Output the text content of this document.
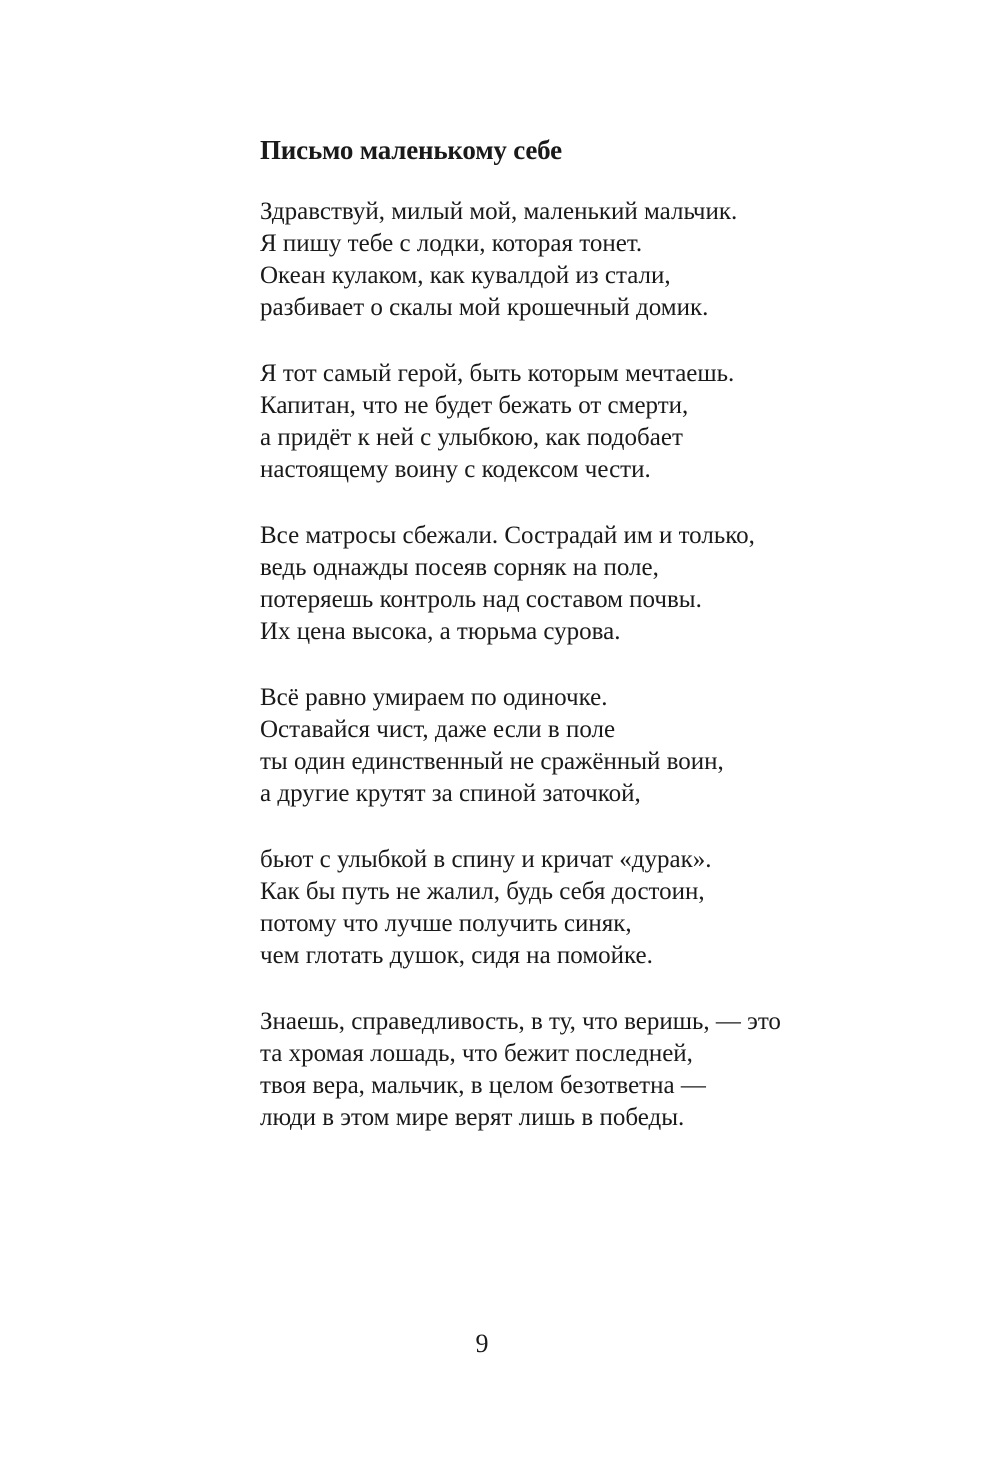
Письмо маленькому себе
Здравствуй, милый мой, маленький мальчик.
Я пишу тебе с лодки, которая тонет.
Океан кулаком, как кувалдой из стали,
разбивает о скалы мой крошечный домик.
Я тот самый герой, быть которым мечтаешь.
Капитан, что не будет бежать от смерти,
а придёт к ней с улыбкою, как подобает
настоящему воину с кодексом чести.
Все матросы сбежали. Сострадай им и только,
ведь однажды посеяв сорняк на поле,
потеряешь контроль над составом почвы.
Их цена высока, а тюрьма сурова.
Всё равно умираем по одиночке.
Оставайся чист, даже если в поле
ты один единственный не сражённый воин,
а другие крутят за спиной заточкой,
бьют с улыбкой в спину и кричат «дурак».
Как бы путь не жалил, будь себя достоин,
потому что лучше получить синяк,
чем глотать душок, сидя на помойке.
Знаешь, справедливость, в ту, что веришь, — это
та хромая лошадь, что бежит последней,
твоя вера, мальчик, в целом безответна —
люди в этом мире верят лишь в победы.
9
